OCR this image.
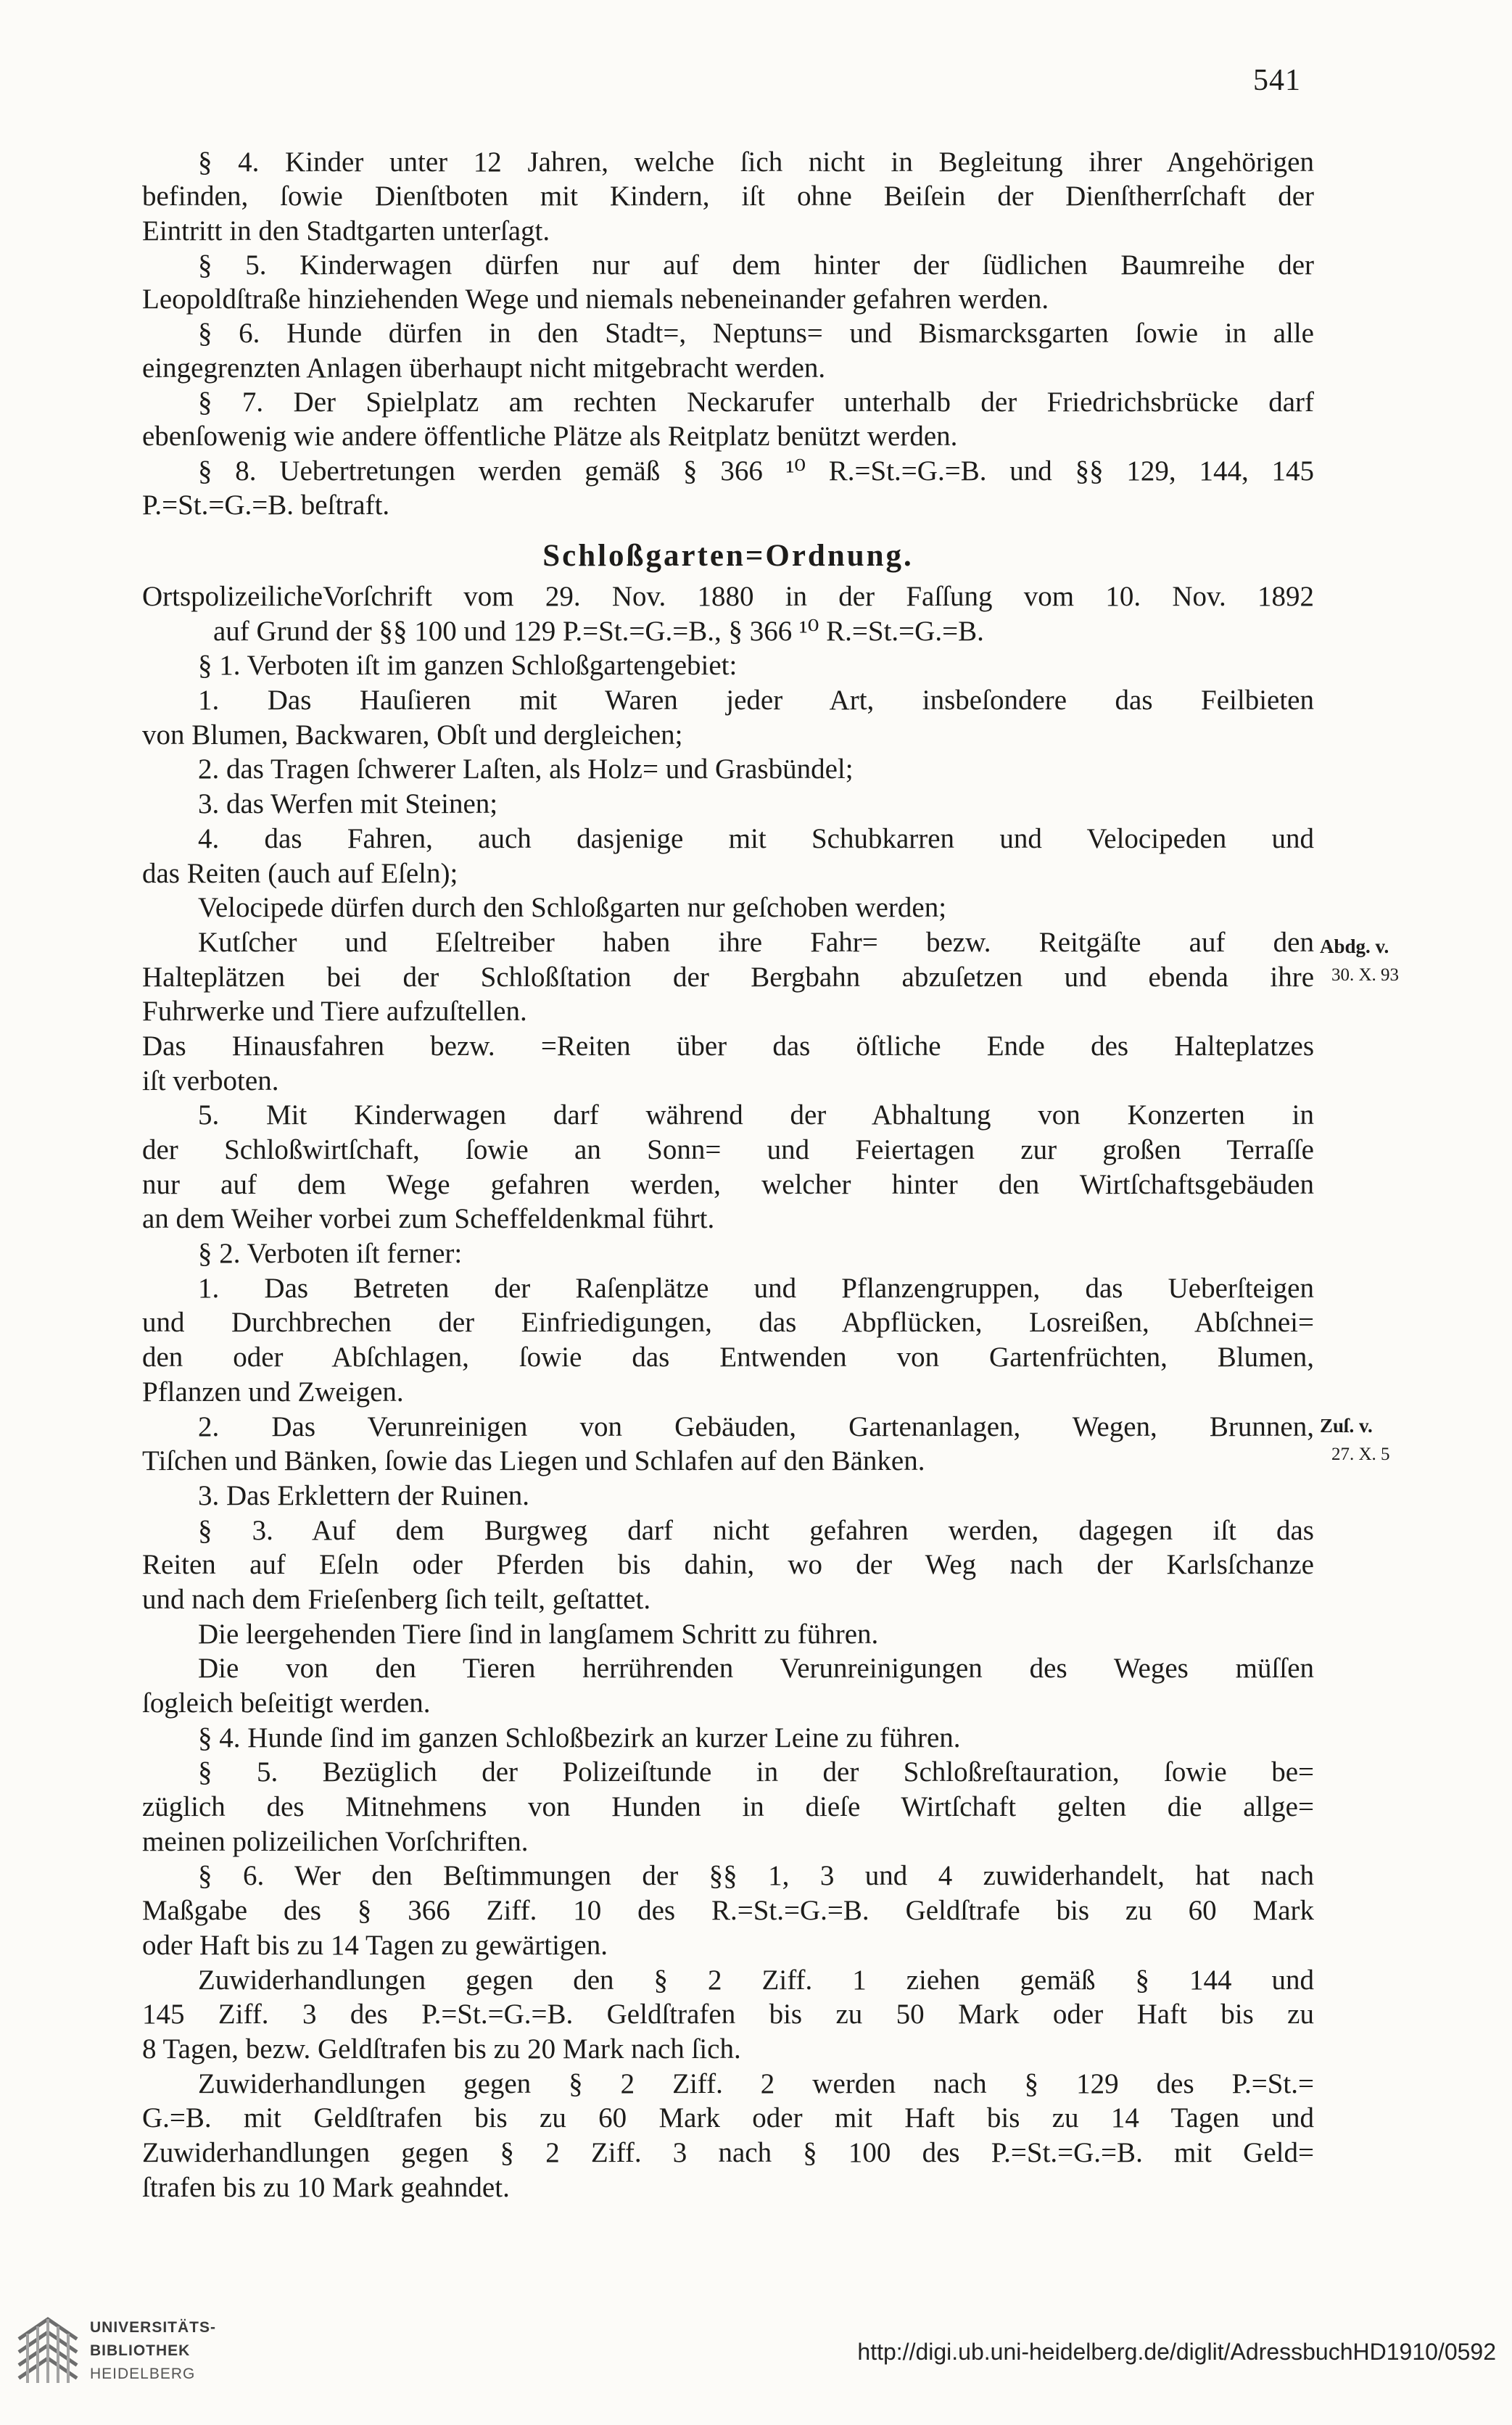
541
§ 4. Kinder unter 12 Jahren, welche ſich nicht in Begleitung ihrer Angehörigen
befinden, ſowie Dienſtboten mit Kindern, iſt ohne Beiſein der Dienſtherrſchaft der
Eintritt in den Stadtgarten unterſagt.
§ 5. Kinderwagen dürfen nur auf dem hinter der ſüdlichen Baumreihe der
Leopoldſtraße hinziehenden Wege und niemals nebeneinander gefahren werden.
§ 6. Hunde dürfen in den Stadt=, Neptuns= und Bismarcksgarten ſowie in alle
eingegrenzten Anlagen überhaupt nicht mitgebracht werden.
§ 7. Der Spielplatz am rechten Neckarufer unterhalb der Friedrichsbrücke darf
ebenſowenig wie andere öffentliche Plätze als Reitplatz benützt werden.
§ 8. Uebertretungen werden gemäß § 366 ¹⁰ R.=St.=G.=B. und §§ 129, 144, 145
P.=St.=G.=B. beſtraft.
Schloßgarten=Ordnung.
OrtspolizeilicheVorſchrift vom 29. Nov. 1880 in der Faſſung vom 10. Nov. 1892
auf Grund der §§ 100 und 129 P.=St.=G.=B., § 366 ¹⁰ R.=St.=G.=B.
§ 1. Verboten iſt im ganzen Schloßgartengebiet:
1. Das Hauſieren mit Waren jeder Art, insbeſondere das Feilbieten
von Blumen, Backwaren, Obſt und dergleichen;
2. das Tragen ſchwerer Laſten, als Holz= und Grasbündel;
3. das Werfen mit Steinen;
4. das Fahren, auch dasjenige mit Schubkarren und Velocipeden und
das Reiten (auch auf Eſeln);
Velocipede dürfen durch den Schloßgarten nur geſchoben werden;
Kutſcher und Eſeltreiber haben ihre Fahr= bezw. Reitgäſte auf den
Halteplätzen bei der Schloßſtation der Bergbahn abzuſetzen und ebenda ihre
Fuhrwerke und Tiere aufzuſtellen.
Das Hinausfahren bezw. =Reiten über das öſtliche Ende des Halteplatzes
iſt verboten.
5. Mit Kinderwagen darf während der Abhaltung von Konzerten in
der Schloßwirtſchaft, ſowie an Sonn= und Feiertagen zur großen Terraſſe
nur auf dem Wege gefahren werden, welcher hinter den Wirtſchaftsgebäuden
an dem Weiher vorbei zum Scheffeldenkmal führt.
§ 2. Verboten iſt ferner:
1. Das Betreten der Raſenplätze und Pflanzengruppen, das Ueberſteigen
und Durchbrechen der Einfriedigungen, das Abpflücken, Losreißen, Abſchnei=
den oder Abſchlagen, ſowie das Entwenden von Gartenfrüchten, Blumen,
Pflanzen und Zweigen.
2. Das Verunreinigen von Gebäuden, Gartenanlagen, Wegen, Brunnen,
Tiſchen und Bänken, ſowie das Liegen und Schlafen auf den Bänken.
3. Das Erklettern der Ruinen.
§ 3. Auf dem Burgweg darf nicht gefahren werden, dagegen iſt das
Reiten auf Eſeln oder Pferden bis dahin, wo der Weg nach der Karlsſchanze
und nach dem Frieſenberg ſich teilt, geſtattet.
Die leergehenden Tiere ſind in langſamem Schritt zu führen.
Die von den Tieren herrührenden Verunreinigungen des Weges müſſen
ſogleich beſeitigt werden.
§ 4. Hunde ſind im ganzen Schloßbezirk an kurzer Leine zu führen.
§ 5. Bezüglich der Polizeiſtunde in der Schloßreſtauration, ſowie be=
züglich des Mitnehmens von Hunden in dieſe Wirtſchaft gelten die allge=
meinen polizeilichen Vorſchriften.
§ 6. Wer den Beſtimmungen der §§ 1, 3 und 4 zuwiderhandelt, hat nach
Maßgabe des § 366 Ziff. 10 des R.=St.=G.=B. Geldſtrafe bis zu 60 Mark
oder Haft bis zu 14 Tagen zu gewärtigen.
Zuwiderhandlungen gegen den § 2 Ziff. 1 ziehen gemäß § 144 und
145 Ziff. 3 des P.=St.=G.=B. Geldſtrafen bis zu 50 Mark oder Haft bis zu
8 Tagen, bezw. Geldſtrafen bis zu 20 Mark nach ſich.
Zuwiderhandlungen gegen § 2 Ziff. 2 werden nach § 129 des P.=St.=
G.=B. mit Geldſtrafen bis zu 60 Mark oder mit Haft bis zu 14 Tagen und
Zuwiderhandlungen gegen § 2 Ziff. 3 nach § 100 des P.=St.=G.=B. mit Geld=
ſtrafen bis zu 10 Mark geahndet.
Abdg. v.
30. X. 93
Zuſ. v.
27. X. 5
UNIVERSITÄTS-
BIBLIOTHEK
HEIDELBERG
http://digi.ub.uni-heidelberg.de/diglit/AdressbuchHD1910/0592
